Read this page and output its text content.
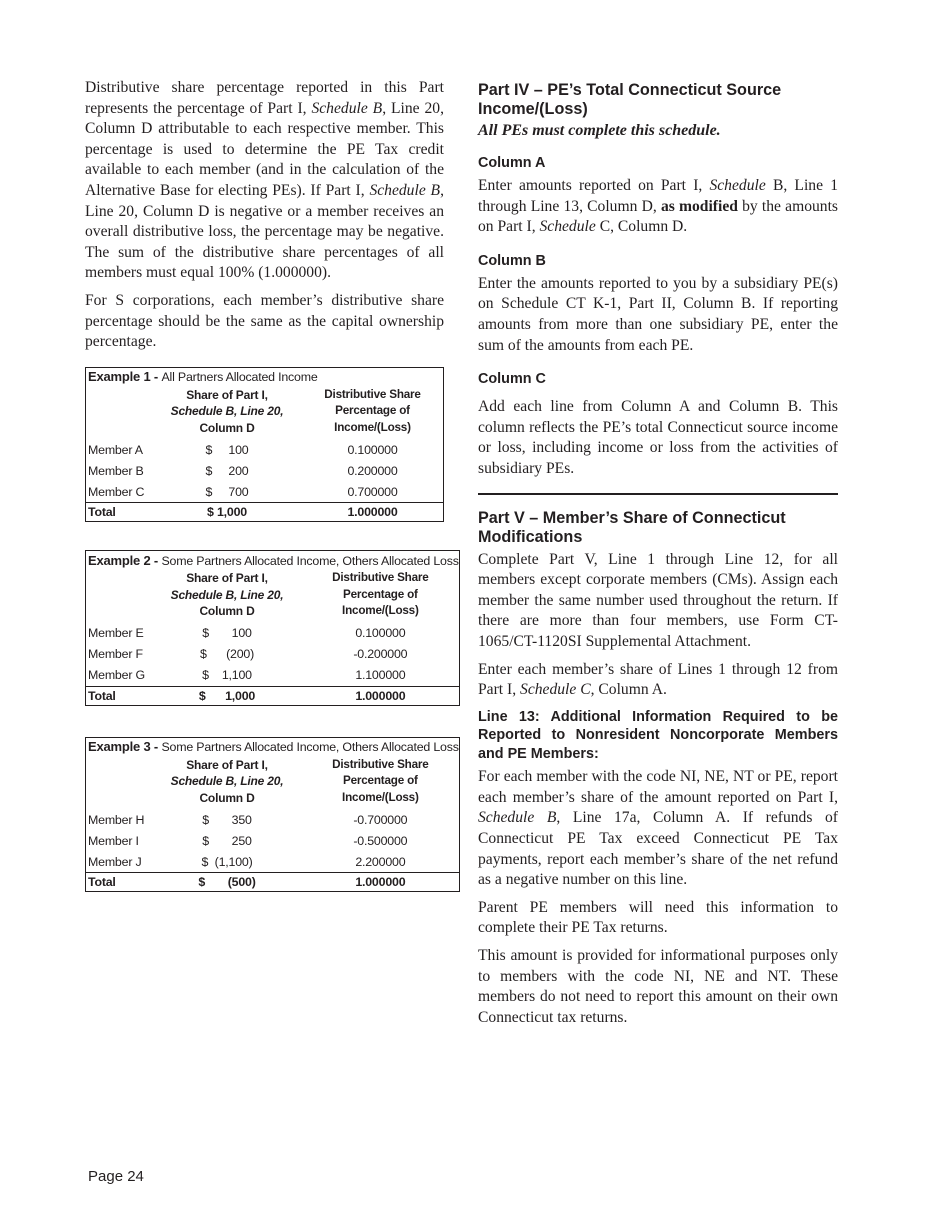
Distributive share percentage reported in this Part represents the percentage of Part I, Schedule B, Line 20, Column D attributable to each respective member. This percentage is used to determine the PE Tax credit available to each member (and in the calculation of the Alternative Base for electing PEs). If Part I, Schedule B, Line 20, Column D is negative or a member receives an overall distributive loss, the percentage may be negative. The sum of the distributive share percentages of all members must equal 100% (1.000000).

For S corporations, each member’s distributive share percentage should be the same as the capital ownership percentage.

Example 1 - All Partners Allocated Income		
	Share of Part I,
Schedule B, Line 20,
Column D	Distributive Share
Percentage of
Income/(Loss)
Member A	$     100	0.100000
Member B	$     200	0.200000
Member C	$     700	0.700000
Total	$ 1,000	1.000000
Example 2 - Some Partners Allocated Income, Others Allocated Loss		
	Share of Part I,
Schedule B, Line 20,
Column D	Distributive Share
Percentage of
Income/(Loss)
Member E	$       100	0.100000
Member F	$      (200)	-0.200000
Member G	$    1,100	1.100000
Total	$      1,000	1.000000
Example 3 - Some Partners Allocated Income, Others Allocated Loss		
	Share of Part I,
Schedule B, Line 20,
Column D	Distributive Share
Percentage of
Income/(Loss)
Member H	$       350	-0.700000
Member I	$       250	-0.500000
Member J	$  (1,100)	2.200000
Total	$       (500)	1.000000
Part IV – PE’s Total Connecticut Source Income/(Loss)

All PEs must complete this schedule.

Column A

Enter amounts reported on Part I, Schedule B, Line 1 through Line 13, Column D, as modified by the amounts on Part I, Schedule C, Column D.

Column B

Enter the amounts reported to you by a subsidiary PE(s) on Schedule CT K-1, Part II, Column B. If reporting amounts from more than one subsidiary PE, enter the sum of the amounts from each PE.

Column C

Add each line from Column A and Column B. This column reflects the PE’s total Connecticut source income or loss, including income or loss from the activities of subsidiary PEs.

Part V – Member’s Share of Connecticut Modifications

Complete Part V, Line 1 through Line 12, for all members except corporate members (CMs). Assign each member the same number used throughout the return. If there are more than four members, use Form CT-1065/CT-1120SI Supplemental Attachment.

Enter each member’s share of Lines 1 through 12 from Part I, Schedule C, Column A.

Line 13: Additional Information Required to be Reported to Nonresident Noncorporate Members and PE Members:

For each member with the code NI, NE, NT or PE, report each member’s share of the amount reported on Part I, Schedule B, Line 17a, Column A. If refunds of Connecticut PE Tax exceed Connecticut PE Tax payments, report each member’s share of the net refund as a negative number on this line.

Parent PE members will need this information to complete their PE Tax returns.

This amount is provided for informational purposes only to members with the code NI, NE and NT. These members do not need to report this amount on their own Connecticut tax returns.

Page 24
